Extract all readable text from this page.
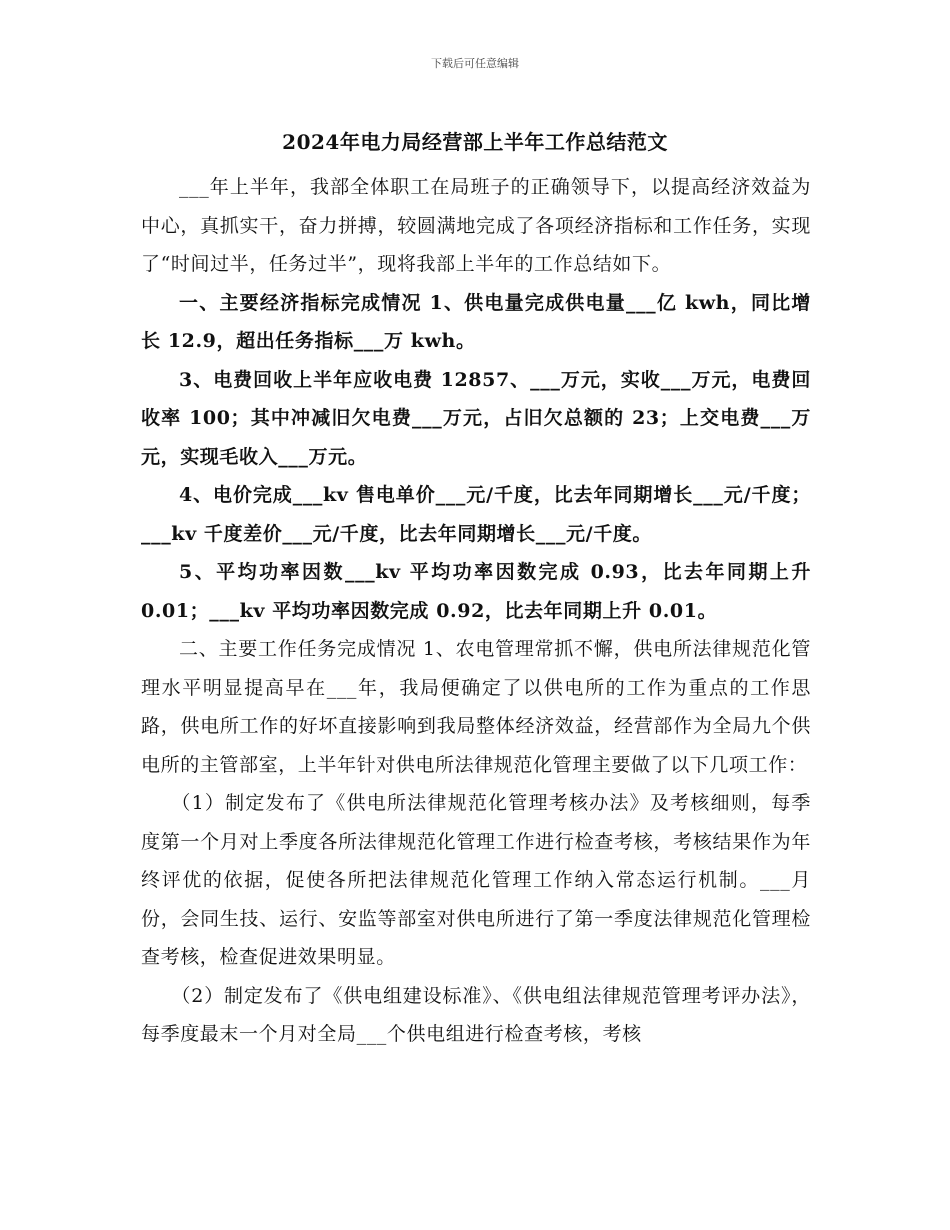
下载后可任意编辑
2024年电力局经营部上半年工作总结范文

___年上半年，我部全体职工在局班子的正确领导下，以提高经济效益为中心，真抓实干，奋力拼搏，较圆满地完成了各项经济指标和工作任务，实现了“时间过半，任务过半”，现将我部上半年的工作总结如下。

一、主要经济指标完成情况 1、供电量完成供电量___亿 kwh，同比增长 12.9，超出任务指标___万 kwh。

3、电费回收上半年应收电费 12857、___万元，实收___万元，电费回收率 100；其中冲减旧欠电费___万元，占旧欠总额的 23；上交电费___万元，实现毛收入___万元。

4、电价完成___kv 售电单价___元/千度，比去年同期增长___元/千度；___kv 千度差价___元/千度，比去年同期增长___元/千度。

5、平均功率因数___kv 平均功率因数完成 0.93，比去年同期上升 0.01；___kv 平均功率因数完成 0.92，比去年同期上升 0.01。

二、主要工作任务完成情况 1、农电管理常抓不懈，供电所法律规范化管理水平明显提高早在___年，我局便确定了以供电所的工作为重点的工作思路，供电所工作的好坏直接影响到我局整体经济效益，经营部作为全局九个供电所的主管部室，上半年针对供电所法律规范化管理主要做了以下几项工作：

（1）制定发布了《供电所法律规范化管理考核办法》及考核细则，每季度第一个月对上季度各所法律规范化管理工作进行检查考核，考核结果作为年终评优的依据，促使各所把法律规范化管理工作纳入常态运行机制。___月份，会同生技、运行、安监等部室对供电所进行了第一季度法律规范化管理检查考核，检查促进效果明显。

（2）制定发布了《供电组建设标准》、《供电组法律规范管理考评办法》，每季度最末一个月对全局___个供电组进行检查考核，考核
